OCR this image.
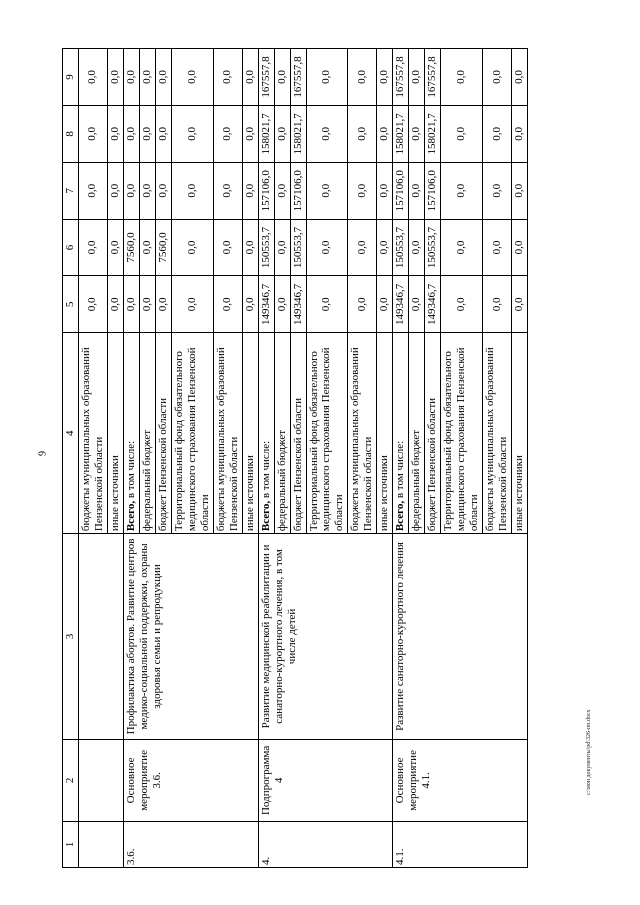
9
1	2	3	4	5	6	7	8	9
			бюджеты муниципальных образований Пензенской области	0,0	0,0	0,0	0,0	0,0
			иные источники	0,0	0,0	0,0	0,0	0,0
3.6.	Основное мероприятие 3.6.	Профилактика абортов. Развитие центров медико-социальной поддержки, охраны здоровья семьи и репродукции	Всего, в том числе:	0,0	7560,0	0,0	0,0	0,0
			федеральный бюджет	0,0	0,0	0,0	0,0	0,0
			бюджет Пензенской области	0,0	7560,0	0,0	0,0	0,0
			Территориальный фонд обязательного медицинского страхования Пензенской области	0,0	0,0	0,0	0,0	0,0
			бюджеты муниципальных образований Пензенской области	0,0	0,0	0,0	0,0	0,0
			иные источники	0,0	0,0	0,0	0,0	0,0
4.	Подпрограмма 4	Развитие медицинской реабилитации и санаторно-курортного лечения, в том числе детей	Всего, в том числе:	149346,7	150553,7	157106,0	158021,7	167557,8
			федеральный бюджет	0,0	0,0	0,0	0,0	0,0
			бюджет Пензенской области	149346,7	150553,7	157106,0	158021,7	167557,8
			Территориальный фонд обязательного медицинского страхования Пензенской области	0,0	0,0	0,0	0,0	0,0
			бюджеты муниципальных образований Пензенской области	0,0	0,0	0,0	0,0	0,0
			иные источники	0,0	0,0	0,0	0,0	0,0
4.1.	Основное мероприятие 4.1.	Развитие санаторно-курортного лечения	Всего, в том числе:	149346,7	150553,7	157106,0	158021,7	167557,8
			федеральный бюджет	0,0	0,0	0,0	0,0	0,0
			бюджет Пензенской области	149346,7	150553,7	157106,0	158021,7	167557,8
			Территориальный фонд обязательного медицинского страхования Пензенской области	0,0	0,0	0,0	0,0	0,0
			бюджеты муниципальных образований Пензенской области	0,0	0,0	0,0	0,0	0,0
			иные источники	0,0	0,0	0,0	0,0	0,0
c:\мои документы\pd\326-пп.docx
